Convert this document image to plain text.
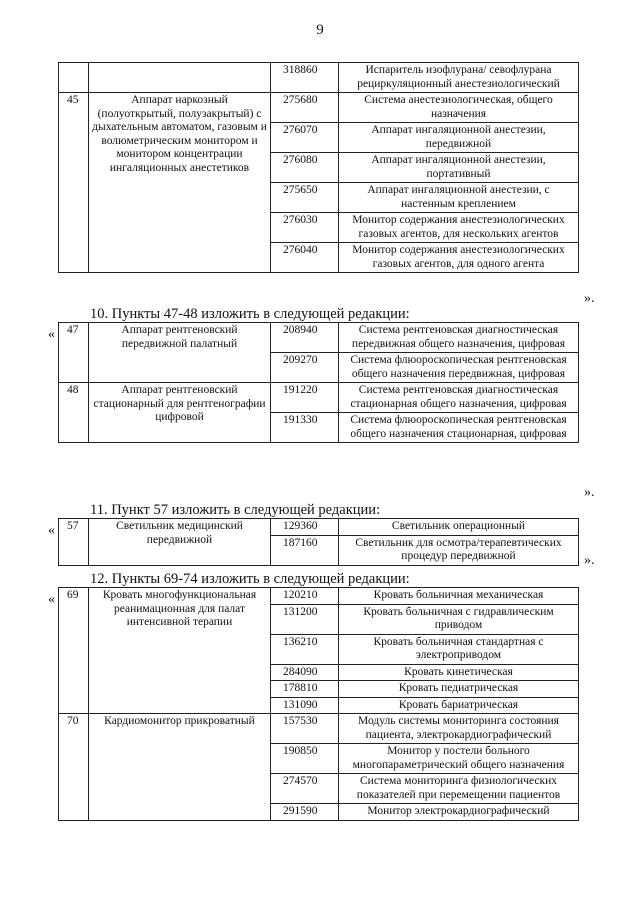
9
		318860	Испаритель изофлурана/ севофлурана рециркуляционный анестезиологический
45	Аппарат наркозный (полуоткрытый, полузакрытый) с дыхательным автоматом, газовым и волюметрическим монитором и монитором концентрации ингаляционных анестетиков	275680	Система анестезиологическая, общего назначения
		276070	Аппарат ингаляционной анестезии, передвижной
		276080	Аппарат ингаляционной анестезии, портативный
		275650	Аппарат ингаляционной анестезии, с настенным креплением
		276030	Монитор содержания анестезиологических газовых агентов, для нескольких агентов
		276040	Монитор содержания анестезиологических газовых агентов, для одного агента
».
10. Пункты 47-48 изложить в следующей редакции:
« 47	Аппарат рентгеновский передвижной палатный	208940	Система рентгеновская диагностическая передвижная общего назначения, цифровая
		209270	Система флюороскопическая рентгеновская общего назначения передвижная, цифровая
48	Аппарат рентгеновский стационарный для рентгенографии цифровой	191220	Система рентгеновская диагностическая стационарная общего назначения, цифровая
		191330	Система флюороскопическая рентгеновская общего назначения стационарная, цифровая
».
11. Пункт 57 изложить в следующей редакции:
« 57	Светильник медицинский передвижной	129360	Светильник операционный
		187160	Светильник для осмотра/терапевтических процедур передвижной	».
12. Пункты 69-74 изложить в следующей редакции:
« 69	Кровать многофункциональная реанимационная для палат интенсивной терапии	120210	Кровать больничная механическая
		131200	Кровать больничная с гидравлическим приводом
		136210	Кровать больничная стандартная с электроприводом
		284090	Кровать кинетическая
		178810	Кровать педиатрическая
		131090	Кровать бариатрическая
70	Кардиомонитор прикроватный	157530	Модуль системы мониторинга состояния пациента, электрокардиографический
		190850	Монитор у постели больного многопараметрический общего назначения
		274570	Система мониторинга физиологических показателей при перемещении пациентов
		291590	Монитор электрокардиографический
